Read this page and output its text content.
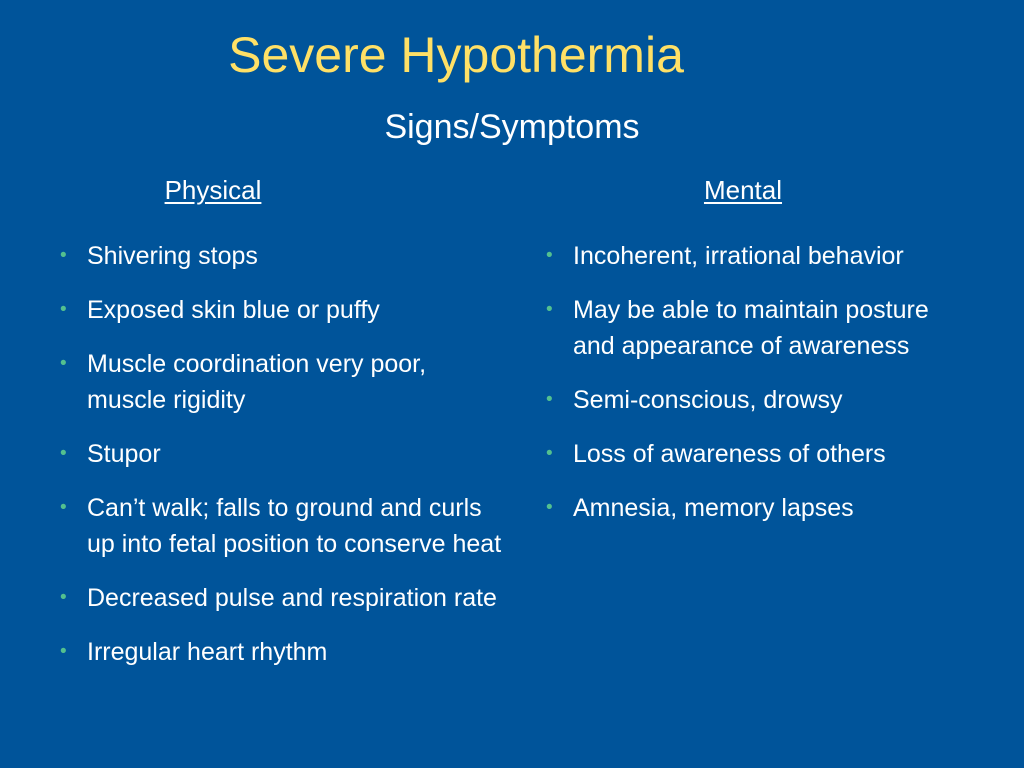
Severe Hypothermia
Signs/Symptoms
Physical	Mental
• Shivering stops
• Exposed skin blue or puffy
• Muscle coordination very poor, muscle rigidity
• Stupor
• Can’t walk; falls to ground and curls up into fetal position to conserve heat
• Decreased pulse and respiration rate
• Irregular heart rhythm
• Incoherent, irrational behavior
• May be able to maintain posture and appearance of awareness
• Semi-conscious, drowsy
• Loss of awareness of others
• Amnesia, memory lapses
